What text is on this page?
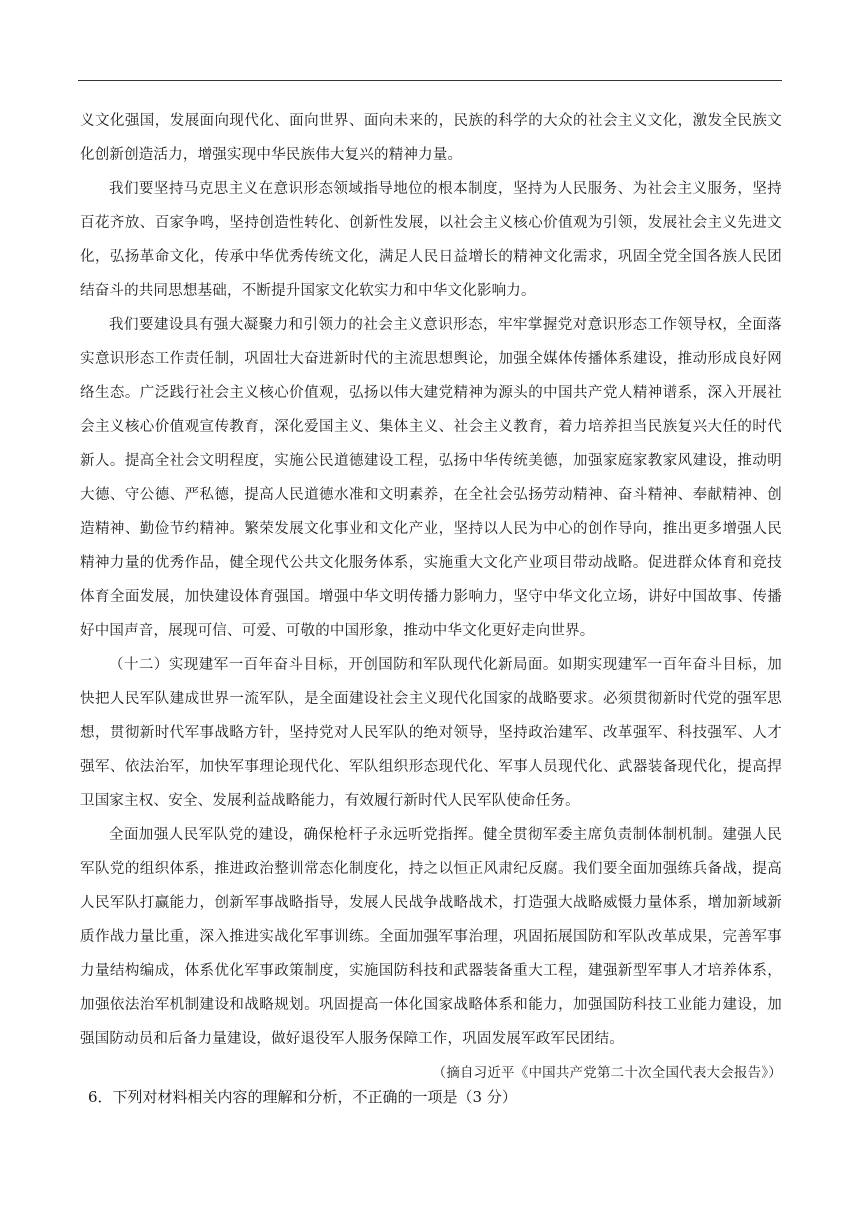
义文化强国，发展面向现代化、面向世界、面向未来的，民族的科学的大众的社会主义文化，激发全民族文化创新创造活力，增强实现中华民族伟大复兴的精神力量。

我们要坚持马克思主义在意识形态领域指导地位的根本制度，坚持为人民服务、为社会主义服务，坚持百花齐放、百家争鸣，坚持创造性转化、创新性发展，以社会主义核心价值观为引领，发展社会主义先进文化，弘扬革命文化，传承中华优秀传统文化，满足人民日益增长的精神文化需求，巩固全党全国各族人民团结奋斗的共同思想基础，不断提升国家文化软实力和中华文化影响力。

我们要建设具有强大凝聚力和引领力的社会主义意识形态，牢牢掌握党对意识形态工作领导权，全面落实意识形态工作责任制，巩固壮大奋进新时代的主流思想舆论，加强全媒体传播体系建设，推动形成良好网络生态。广泛践行社会主义核心价值观，弘扬以伟大建党精神为源头的中国共产党人精神谱系，深入开展社会主义核心价值观宣传教育，深化爱国主义、集体主义、社会主义教育，着力培养担当民族复兴大任的时代新人。提高全社会文明程度，实施公民道德建设工程，弘扬中华传统美德，加强家庭家教家风建设，推动明大德、守公德、严私德，提高人民道德水准和文明素养，在全社会弘扬劳动精神、奋斗精神、奉献精神、创造精神、勤俭节约精神。繁荣发展文化事业和文化产业，坚持以人民为中心的创作导向，推出更多增强人民精神力量的优秀作品，健全现代公共文化服务体系，实施重大文化产业项目带动战略。促进群众体育和竞技体育全面发展，加快建设体育强国。增强中华文明传播力影响力，坚守中华文化立场，讲好中国故事、传播好中国声音，展现可信、可爱、可敬的中国形象，推动中华文化更好走向世界。

（十二）实现建军一百年奋斗目标，开创国防和军队现代化新局面。如期实现建军一百年奋斗目标，加快把人民军队建成世界一流军队，是全面建设社会主义现代化国家的战略要求。必须贯彻新时代党的强军思想，贯彻新时代军事战略方针，坚持党对人民军队的绝对领导，坚持政治建军、改革强军、科技强军、人才强军、依法治军，加快军事理论现代化、军队组织形态现代化、军事人员现代化、武器装备现代化，提高捍卫国家主权、安全、发展利益战略能力，有效履行新时代人民军队使命任务。

全面加强人民军队党的建设，确保枪杆子永远听党指挥。健全贯彻军委主席负责制体制机制。建强人民军队党的组织体系，推进政治整训常态化制度化，持之以恒正风肃纪反腐。我们要全面加强练兵备战，提高人民军队打赢能力，创新军事战略指导，发展人民战争战略战术，打造强大战略威慑力量体系，增加新域新质作战力量比重，深入推进实战化军事训练。全面加强军事治理，巩固拓展国防和军队改革成果，完善军事力量结构编成，体系优化军事政策制度，实施国防科技和武器装备重大工程，建强新型军事人才培养体系，加强依法治军机制建设和战略规划。巩固提高一体化国家战略体系和能力，加强国防科技工业能力建设，加强国防动员和后备力量建设，做好退役军人服务保障工作，巩固发展军政军民团结。

（摘自习近平《中国共产党第二十次全国代表大会报告》）

6．下列对材料相关内容的理解和分析，不正确的一项是（3 分）
